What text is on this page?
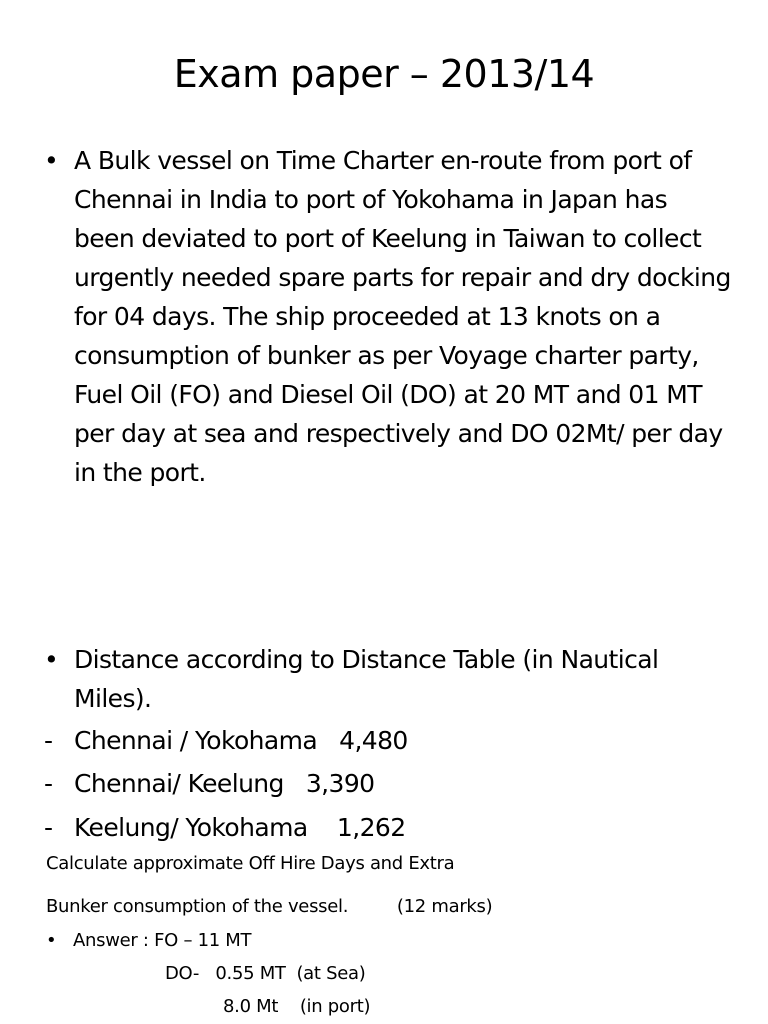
Exam paper – 2013/14
• A Bulk vessel on Time Charter en-route from port of Chennai in India to port of Yokohama in Japan has been deviated to port of Keelung in Taiwan to collect urgently needed spare parts for repair and dry docking for 04 days. The ship proceeded at 13 knots on a consumption of bunker as per Voyage charter party, Fuel Oil (FO) and Diesel Oil (DO) at 20 MT and 01 MT per day at sea and respectively and DO 02Mt/ per day in the port.
• Distance according to Distance Table (in Nautical Miles).
- Chennai / Yokohama   4,480
- Chennai/ Keelung   3,390
- Keelung/ Yokohama    1,262
Calculate approximate Off Hire Days and Extra
Bunker consumption of the vessel.         (12 marks)
• Answer : FO – 11 MT
DO-   0.55 MT  (at Sea)
8.0 Mt    (in port)
